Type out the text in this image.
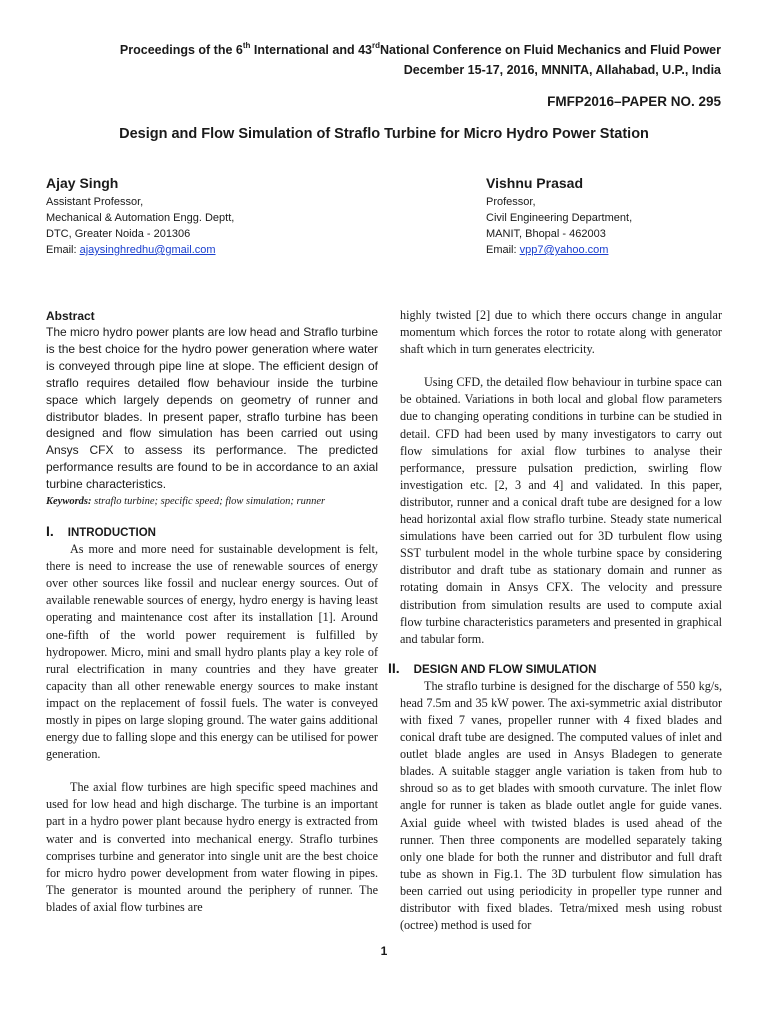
Proceedings of the 6th International and 43rdNational Conference on Fluid Mechanics and Fluid Power
December 15-17, 2016, MNNITA, Allahabad, U.P., India
FMFP2016–PAPER NO. 295
Design and Flow Simulation of Straflo Turbine for Micro Hydro Power Station
Ajay Singh
Assistant Professor,
Mechanical & Automation Engg. Deptt,
DTC, Greater Noida - 201306
Email: ajaysinghredhu@gmail.com
Vishnu Prasad
Professor,
Civil Engineering Department,
MANIT, Bhopal - 462003
Email: vpp7@yahoo.com
Abstract

The micro hydro power plants are low head and Straflo turbine is the best choice for the hydro power generation where water is conveyed through pipe line at slope. The efficient design of straflo requires detailed flow behaviour inside the turbine space which largely depends on geometry of runner and distributor blades. In present paper, straflo turbine has been designed and flow simulation has been carried out using Ansys CFX to assess its performance. The predicted performance results are found to be in accordance to an axial turbine characteristics.

Keywords: straflo turbine; specific speed; flow simulation; runner
I. INTRODUCTION

As more and more need for sustainable development is felt, there is need to increase the use of renewable sources of energy over other sources like fossil and nuclear energy sources. Out of available renewable sources of energy, hydro energy is having least operating and maintenance cost after its installation [1]. Around one-fifth of the world power requirement is fulfilled by hydropower. Micro, mini and small hydro plants play a key role of rural electrification in many countries and they have greater capacity than all other renewable energy sources to make instant impact on the replacement of fossil fuels. The water is conveyed mostly in pipes on large sloping ground. The water gains additional energy due to falling slope and this energy can be utilised for power generation.

The axial flow turbines are high specific speed machines and used for low head and high discharge. The turbine is an important part in a hydro power plant because hydro energy is extracted from water and is converted into mechanical energy. Straflo turbines comprises turbine and generator into single unit are the best choice for micro hydro power development from water flowing in pipes. The generator is mounted around the periphery of runner. The blades of axial flow turbines are

highly twisted [2] due to which there occurs change in angular momentum which forces the rotor to rotate along with generator shaft which in turn generates electricity.

Using CFD, the detailed flow behaviour in turbine space can be obtained. Variations in both local and global flow parameters due to changing operating conditions in turbine can be studied in detail. CFD had been used by many investigators to carry out flow simulations for axial flow turbines to analyse their performance, pressure pulsation prediction, swirling flow investigation etc. [2, 3 and 4] and validated. In this paper, distributor, runner and a conical draft tube are designed for a low head horizontal axial flow straflo turbine. Steady state numerical simulations have been carried out for 3D turbulent flow using SST turbulent model in the whole turbine space by considering distributor and draft tube as stationary domain and runner as rotating domain in Ansys CFX. The velocity and pressure distribution from simulation results are used to compute axial flow turbine characteristics parameters and presented in graphical and tabular form.

II. DESIGN AND FLOW SIMULATION

The straflo turbine is designed for the discharge of 550 kg/s, head 7.5m and 35 kW power. The axi-symmetric axial distributor with fixed 7 vanes, propeller runner with 4 fixed blades and conical draft tube are designed. The computed values of inlet and outlet blade angles are used in Ansys Bladegen to generate blades. A suitable stagger angle variation is taken from hub to shroud so as to get blades with smooth curvature. The inlet flow angle for runner is taken as blade outlet angle for guide vanes. Axial guide wheel with twisted blades is used ahead of the runner. Then three components are modelled separately taking only one blade for both the runner and distributor and full draft tube as shown in Fig.1. The 3D turbulent flow simulation has been carried out using periodicity in propeller type runner and distributor with fixed blades. Tetra/mixed mesh using robust (octree) method is used for

1
